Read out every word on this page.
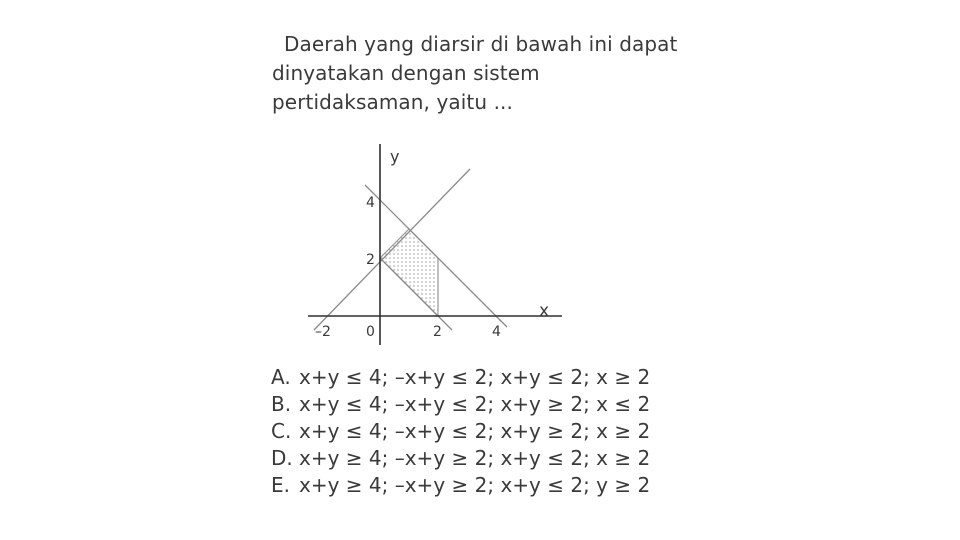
Daerah yang diarsir di bawah ini dapat
dinyatakan dengan sistem
pertidaksaman, yaitu ...
y
x
4
2
–2	0	2	4
A. x+y ≤ 4; –x+y ≤ 2; x+y ≤ 2; x ≥ 2
B. x+y ≤ 4; –x+y ≤ 2; x+y ≥ 2; x ≤ 2
C. x+y ≤ 4; –x+y ≤ 2; x+y ≥ 2; x ≥ 2
D. x+y ≥ 4; –x+y ≥ 2; x+y ≤ 2; x ≥ 2
E. x+y ≥ 4; –x+y ≥ 2; x+y ≤ 2; y ≥ 2
